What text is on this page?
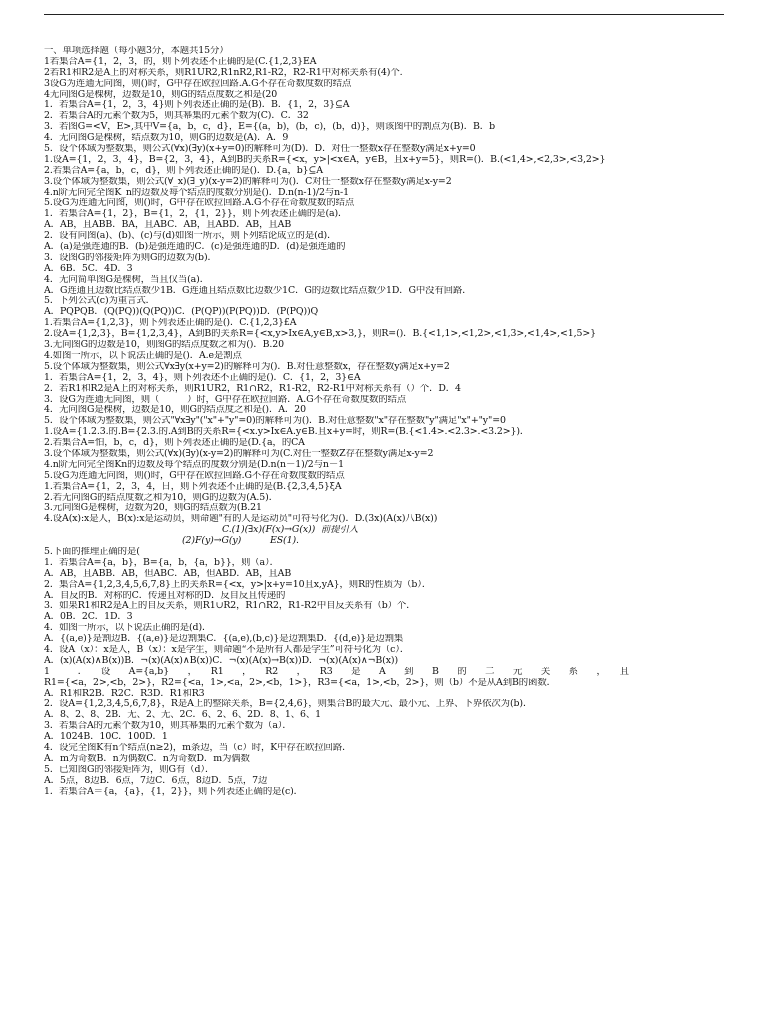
一、单项选择题（每小题3分，本题共15分）
1若集合A={1，2，3，的，则下列表述不正确的是(C.{1,2,3}EA
2若R1和R2是A上的对称关系，则R1UR2,R1nR2,R1-R2，R2-R1中对称关系有(4)个.
3设G为连通无向图，则()时，G中存在欧拉回路.A.G不存在奇数度数的结点
4无向图G是棵树，边数是10，则G的结点度数之和是(20
1．若集合A={1，2，3，4}则下列表述正确的是(B)．B．{1，2，3}⊆A
2．若集合A的元素个数为5，则其幂集的元素个数为(C)．C．32
3．若图G=<V，E>,其中V={a，b，c，d}，E={(a，b)，(b，c)，(b，d)}，则该图中的割点为(B)．B．b
4．无向图G是棵树，结点数为10，则G的边数是(A)．A．9
5．设个体域为整数集，则公式(∀x)(∃y)(x+y=0)的解释可为(D)．D．对任一整数x存在整数y满足x+y=0
1.设A={1，2，3，4}，B={2，3，4}，A到B的关系R={<x，y>|<x∈A，y∈B，且x+y=5}，则R=()．B.(<1,4>,<2,3>,<3,2>}
2.若集合A={a，b，c，d}，则下列表述正确的是()．D.{a，b}⊆A
3.设个体域为整数集，则公式(∀_x)(∃_y)(x-y=2)的解释可为()．C对任一整数x存在整数y满足x-y=2
4.n阶无向完全图K_n的边数及每个结点的度数分别是()．D.n(n-1)/2与n-1
5.设G为连通无向图，则()时，G中存在欧拉回路.A.G不存在奇数度数的结点
1．若集合A={1，2}，B={1，2，{1，2}}，则下列表述正确的是(a)．
A．AB，且ABB．BA，且ABC．AB，且ABD．AB，且AB
2．设有向图(a)、(b)、(c)与(d)如图一所示，则下列结论成立的是(d)．
A．(a)是强连通的B．(b)是强连通的C．(c)是强连通的D．(d)是强连通的
3．设图G的邻接矩阵为则G的边数为(b)．
A．6B．5C．4D．3
4．无向简单图G是棵树，当且仅当(a)．
A．G连通且边数比结点数少1B．G连通且结点数比边数少1C．G的边数比结点数少1D．G中没有回路．
5．下列公式(c)为重言式．
A．PQPQB．(Q(PQ))(Q(PQ))C．(P(QP))(P(PQ))D．(P(PQ))Q
1.若集合A={1,2,3}，则下列表述正确的是()．C.{1,2,3}£A
2.设A={1,2,3}，B={1,2,3,4}，A到B的关系R={<x,y>Ix∈A,y∈B,x>3,}，则R=()．B.{<1,1>,<1,2>,<1,3>,<1,4>,<1,5>}
3.无向图G的边数是10，则图G的结点度数之和为()．B.20
4.如图一所示，以下说法正确的是()．A.e是割点
5.设个体域为整数集，则公式∀x∃y(x+y=2)的解释可为()．B.对任意整数x，存在整数y满足x+y=2
1．若集合A={1，2，3，4}，则下列表述不正确的是()．C．{1，2，3}∈A
2．若R1和R2是A上的对称关系，则R1UR2，R1∩R2，R1-R2，R2-R1中对称关系有（）个．D．4
3．设G为连通无向图，则（　　　）时，G中存在欧拉回路．A.G不存在奇数度数的结点
4．无向图G是棵树，边数是10，则G的结点度之和是()．A．20
5．设个体域为整数集，则公式"∀x∃y"("x"+"y"=0)的解释可为()．B.对任意整数"x"存在整数"y"满足"x"+"y"=0
1.设A={1.2.3.的.B={2.3.的.A到B的关系R={<x.y>Ix∈A.y∈B.且x+y=时，则R=(B.{<1.4>.<2.3>.<3.2>})．
2.若集合A=怕，b，c，d}，则下列表述正确的是(D.{a，的CA
3.设个体域为整数集，则公式(∀x)(∃y)(x-y=2)的解释可为(C.对任一整数Z存在整数y满足x-y=2
4.n阶无向完全图Kn的边数及每个结点的度数分别是(D.n(n－1)/2与n－1
5.设G为连通无向图，则()时，G中存在欧拉回路.G不存在奇数度数的结点
1.若集合A={1，2，3，4，日，则下列表述不正确的是(B.{2,3,4,5}ξA
2.若无向图G的结点度数之和为10，则G的边数为(A.5)．
3.元向图G是棵树，边数为20，则G的结点数为(B.21
4.设A(x):x是人，B(x):x是运动员，则命题"有的人是运动员"可符号化为()．D.(3x)(A(x)八B(x))
C.(1)(∃x)(F(x)→G(x))  前提引入
(2)F(y)→G(y)          ES(1).
5.下面的推理正确的是(
1．若集合A={a，b}，B={a，b，{a，b}}，则（a）．
A．AB，且ABB．AB，但ABC．AB，但ABD．AB，且AB
2．集合A={1,2,3,4,5,6,7,8}上的关系R={<x，y>|x+y=10且x,yA}，则R的性质为（b）．
A．自反的B．对称的C．传递且对称的D．反自反且传递的
3．如果R1和R2是A上的自反关系，则R1∪R2，R1∩R2，R1-R2中自反关系有（b）个．
A．0B．2C．1D．3
4．如图一所示，以下说法正确的是(d)．
A．{(a,e)}是割边B．{(a,e)}是边割集C．{(a,e),(b,c)}是边割集D．{(d,e)}是边割集
4．设A（x）：x是人，B（x）：x是学生，则命题“不是所有人都是学生”可符号化为（c）．
A．(x)(A(x)∧B(x))B．¬(x)(A(x)∧B(x))C．¬(x)(A(x)→B(x))D．¬(x)(A(x)∧¬B(x))
1　　　．　　设　　A={a,b}　　，　　R1　　，　　R2　　，　　R3　　是　　A　　到　　B　　的　　二　　元　　关　　系　　，　　且
R1={<a，2>,<b，2>}，R2={<a，1>,<a，2>,<b，1>}，R3={<a，1>,<b，2>}，则（b）不是从A到B的函数．
A．R1和R2B．R2C．R3D．R1和R3
2．设A={1,2,3,4,5,6,7,8}，R是A上的整除关系，B={2,4,6}，则集合B的最大元、最小元、上界、下界依次为(b)．
A．8、2、8、2B．无、2、无、2C．6、2、6、2D．8、1、6、1
3．若集合A的元素个数为10，则其幂集的元素个数为（a）．
A．1024B．10C．100D．1
4．设完全图K有n个结点(n≥2)，m条边，当（c）时，K中存在欧拉回路．
A．m为奇数B．n为偶数C．n为奇数D．m为偶数
5．已知图G的邻接矩阵为，则G有（d）．
A．5点，8边B．6点，7边C．6点，8边D．5点，7边
1．若集合A＝{a，{a}，{1，2}}，则下列表述正确的是(c)．
